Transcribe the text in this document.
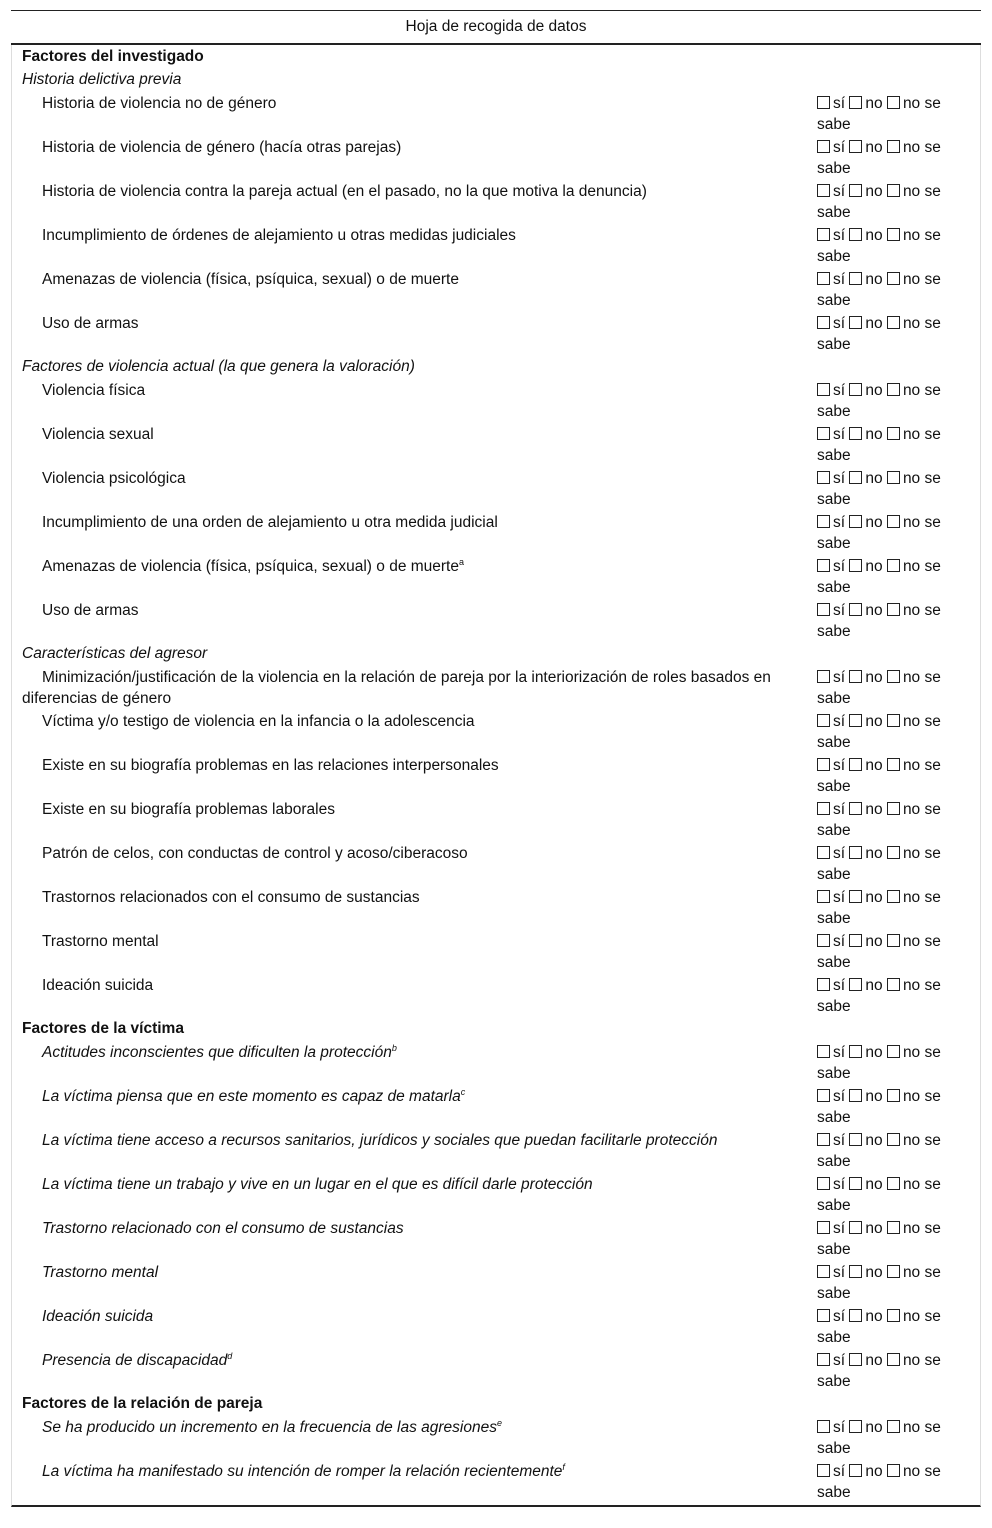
Hoja de recogida de datos
Factores del investigado
Historia delictiva previa
Historia de violencia no de género	sí no no se
sabe
Historia de violencia de género (hacía otras parejas)	sí no no se
sabe
Historia de violencia contra la pareja actual (en el pasado, no la que motiva la denuncia)	sí no no se
sabe
Incumplimiento de órdenes de alejamiento u otras medidas judiciales	sí no no se
sabe
Amenazas de violencia (física, psíquica, sexual) o de muerte	sí no no se
sabe
Uso de armas	sí no no se
sabe
Factores de violencia actual (la que genera la valoración)
Violencia física	sí no no se
sabe
Violencia sexual	sí no no se
sabe
Violencia psicológica	sí no no se
sabe
Incumplimiento de una orden de alejamiento u otra medida judicial	sí no no se
sabe
Amenazas de violencia (física, psíquica, sexual) o de muerte$^a$	sí no no se
sabe
Uso de armas	sí no no se
sabe
Características del agresor
Minimización/justificación de la violencia en la relación de pareja por la interiorización de roles basados en diferencias de género
sí no no se
sabe
Víctima y/o testigo de violencia en la infancia o la adolescencia	sí no no se
sabe
Existe en su biografía problemas en las relaciones interpersonales	sí no no se
sabe
Existe en su biografía problemas laborales	sí no no se
sabe
Patrón de celos, con conductas de control y acoso/ciberacoso	sí no no se
sabe
Trastornos relacionados con el consumo de sustancias	sí no no se
sabe
Trastorno mental	sí no no se
sabe
Ideación suicida	sí no no se
sabe
Factores de la víctima
Actitudes inconscientes que dificulten la protección$^b$	sí no no se
sabe
La víctima piensa que en este momento es capaz de matarla$^c$	sí no no se
sabe
La víctima tiene acceso a recursos sanitarios, jurídicos y sociales que puedan facilitarle protección	sí no no se
sabe
La víctima tiene un trabajo y vive en un lugar en el que es difícil darle protección	sí no no se
sabe
Trastorno relacionado con el consumo de sustancias	sí no no se
sabe
Trastorno mental	sí no no se
sabe
Ideación suicida	sí no no se
sabe
Presencia de discapacidad$^d$	sí no no se
sabe
Factores de la relación de pareja
Se ha producido un incremento en la frecuencia de las agresiones$^e$	sí no no se
sabe
La víctima ha manifestado su intención de romper la relación recientemente$^f$	sí no no se
sabe
